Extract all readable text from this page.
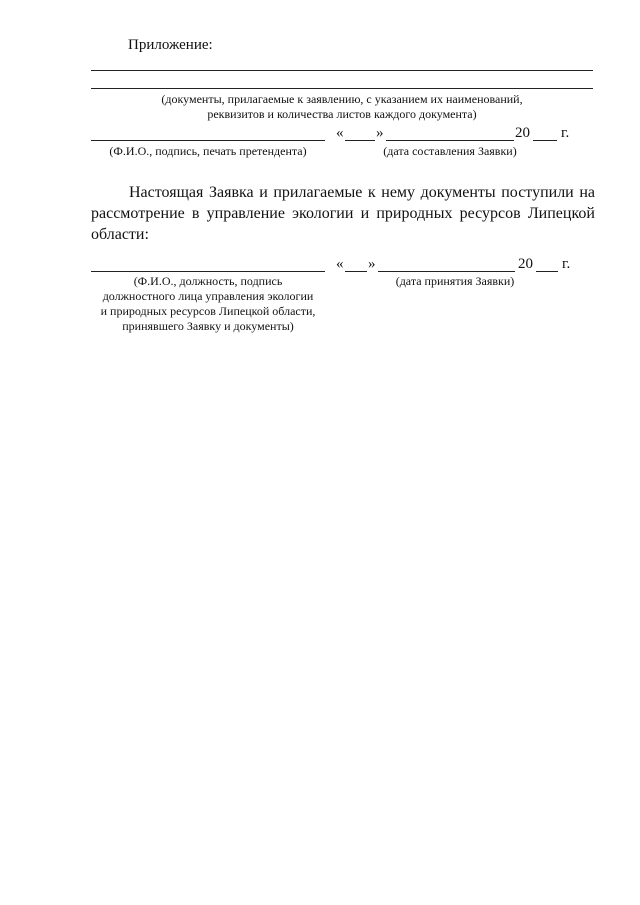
Приложение:
(документы, прилагаемые к заявлению, с указанием их наименований,
реквизитов и количества листов каждого документа)
« »	20 г.
(Ф.И.О., подпись, печать претендента)	(дата составления Заявки)
Настоящая Заявка и прилагаемые к нему документы поступили на рассмотрение в управление экологии и природных ресурсов Липецкой области:
« »	20 г.
(Ф.И.О., должность, подпись
должностного лица управления экологии
и природных ресурсов Липецкой области,
принявшего Заявку и документы)
(дата принятия Заявки)
